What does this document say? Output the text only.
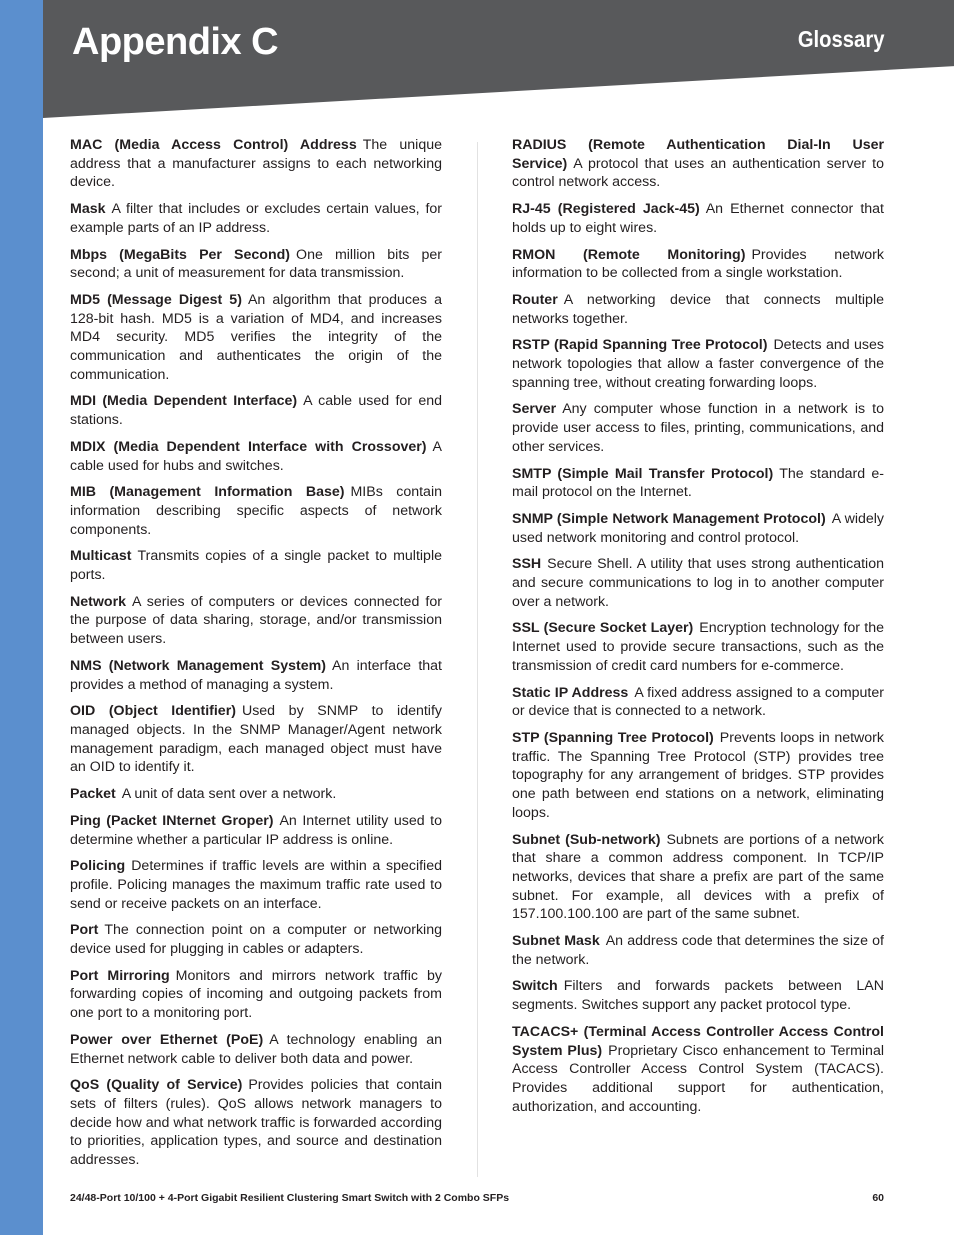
Appendix C	Glossary

MAC (Media Access Control) Address The unique address that a manufacturer assigns to each networking device.

Mask A filter that includes or excludes certain values, for example parts of an IP address.

Mbps (MegaBits Per Second) One million bits per second; a unit of measurement for data transmission.

MD5 (Message Digest 5) An algorithm that produces a 128-bit hash. MD5 is a variation of MD4, and increases MD4 security. MD5 verifies the integrity of the communication and authenticates the origin of the communication.

MDI (Media Dependent Interface) A cable used for end stations.

MDIX (Media Dependent Interface with Crossover) A cable used for hubs and switches.

MIB (Management Information Base) MIBs contain information describing specific aspects of network components.

Multicast Transmits copies of a single packet to multiple ports.

Network A series of computers or devices connected for the purpose of data sharing, storage, and/or transmission between users.

NMS (Network Management System) An interface that provides a method of managing a system.

OID (Object Identifier) Used by SNMP to identify managed objects. In the SNMP Manager/Agent network management paradigm, each managed object must have an OID to identify it.

Packet A unit of data sent over a network.

Ping (Packet INternet Groper) An Internet utility used to determine whether a particular IP address is online.

Policing Determines if traffic levels are within a specified profile. Policing manages the maximum traffic rate used to send or receive packets on an interface.

Port The connection point on a computer or networking device used for plugging in cables or adapters.

Port Mirroring Monitors and mirrors network traffic by forwarding copies of incoming and outgoing packets from one port to a monitoring port.

Power over Ethernet (PoE) A technology enabling an Ethernet network cable to deliver both data and power.

QoS (Quality of Service) Provides policies that contain sets of filters (rules). QoS allows network managers to decide how and what network traffic is forwarded according to priorities, application types, and source and destination addresses.

RADIUS (Remote Authentication Dial-In User Service) A protocol that uses an authentication server to control network access.

RJ-45 (Registered Jack-45) An Ethernet connector that holds up to eight wires.

RMON (Remote Monitoring) Provides network information to be collected from a single workstation.

Router A networking device that connects multiple networks together.

RSTP (Rapid Spanning Tree Protocol) Detects and uses network topologies that allow a faster convergence of the spanning tree, without creating forwarding loops.

Server Any computer whose function in a network is to provide user access to files, printing, communications, and other services.

SMTP (Simple Mail Transfer Protocol) The standard e-mail protocol on the Internet.

SNMP (Simple Network Management Protocol) A widely used network monitoring and control protocol.

SSH Secure Shell. A utility that uses strong authentication and secure communications to log in to another computer over a network.

SSL (Secure Socket Layer) Encryption technology for the Internet used to provide secure transactions, such as the transmission of credit card numbers for e-commerce.

Static IP Address A fixed address assigned to a computer or device that is connected to a network.

STP (Spanning Tree Protocol) Prevents loops in network traffic. The Spanning Tree Protocol (STP) provides tree topography for any arrangement of bridges. STP provides one path between end stations on a network, eliminating loops.

Subnet (Sub-network) Subnets are portions of a network that share a common address component. In TCP/IP networks, devices that share a prefix are part of the same subnet. For example, all devices with a prefix of 157.100.100.100 are part of the same subnet.

Subnet Mask An address code that determines the size of the network.

Switch Filters and forwards packets between LAN segments. Switches support any packet protocol type.

TACACS+ (Terminal Access Controller Access Control System Plus) Proprietary Cisco enhancement to Terminal Access Controller Access Control System (TACACS). Provides additional support for authentication, authorization, and accounting.

24/48-Port 10/100 + 4-Port Gigabit Resilient Clustering Smart Switch with 2 Combo SFPs	60
